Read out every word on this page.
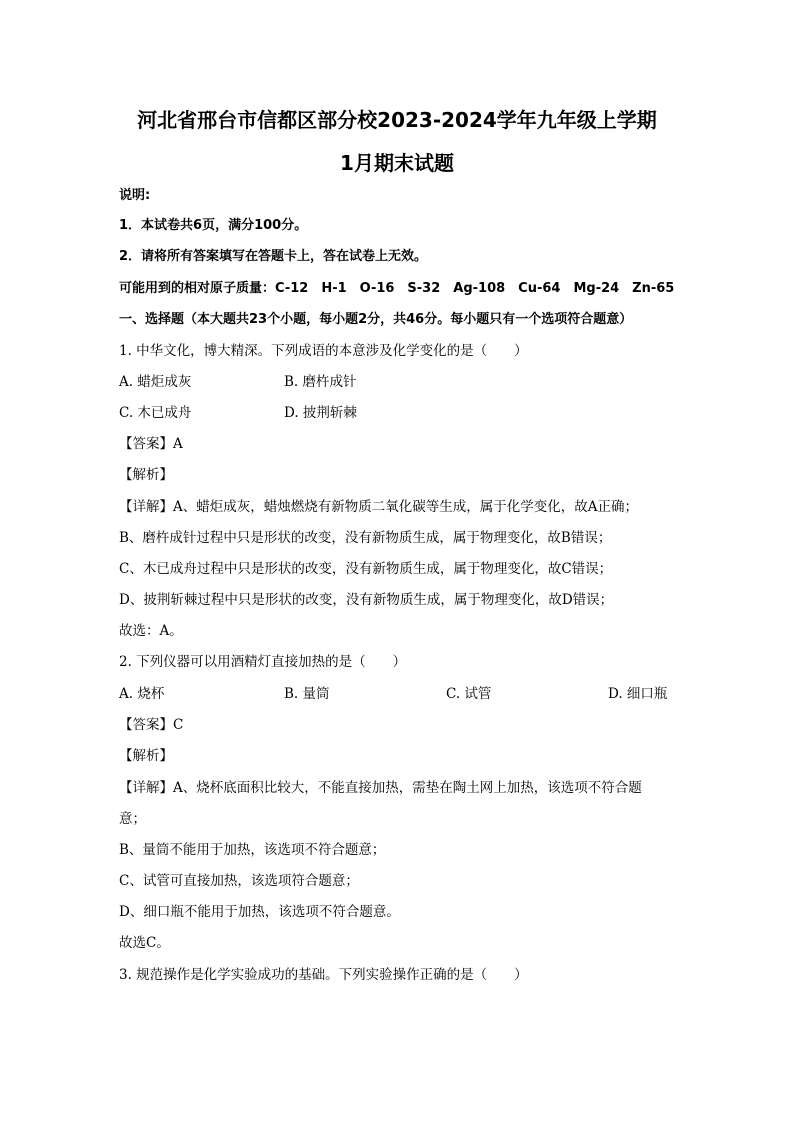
河北省邢台市信都区部分校2023-2024学年九年级上学期
1月期末试题
说明:
1．本试卷共6页，满分100分。
2．请将所有答案填写在答题卡上，答在试卷上无效。
可能用到的相对原子质量：C-12　H-1　O-16　S-32　Ag-108　Cu-64　Mg-24　Zn-65
一、选择题（本大题共23个小题，每小题2分，共46分。每小题只有一个选项符合题意）
1. 中华文化，博大精深。下列成语的本意涉及化学变化的是（　　）
A. 蜡炬成灰	B. 磨杵成针
C. 木已成舟	D. 披荆斩棘
【答案】A
【解析】
【详解】A、蜡炬成灰，蜡烛燃烧有新物质二氧化碳等生成，属于化学变化，故A正确；
B、磨杵成针过程中只是形状的改变，没有新物质生成，属于物理变化，故B错误；
C、木已成舟过程中只是形状的改变，没有新物质生成，属于物理变化，故C错误；
D、披荆斩棘过程中只是形状的改变，没有新物质生成，属于物理变化，故D错误；
故选：A。
2. 下列仪器可以用酒精灯直接加热的是（　　）
A. 烧杯	B. 量筒	C. 试管	D. 细口瓶
【答案】C
【解析】
【详解】A、烧杯底面积比较大，不能直接加热，需垫在陶土网上加热，该选项不符合题
意；
B、量筒不能用于加热，该选项不符合题意；
C、试管可直接加热，该选项符合题意；
D、细口瓶不能用于加热，该选项不符合题意。
故选C。
3. 规范操作是化学实验成功的基础。下列实验操作正确的是（　　）
